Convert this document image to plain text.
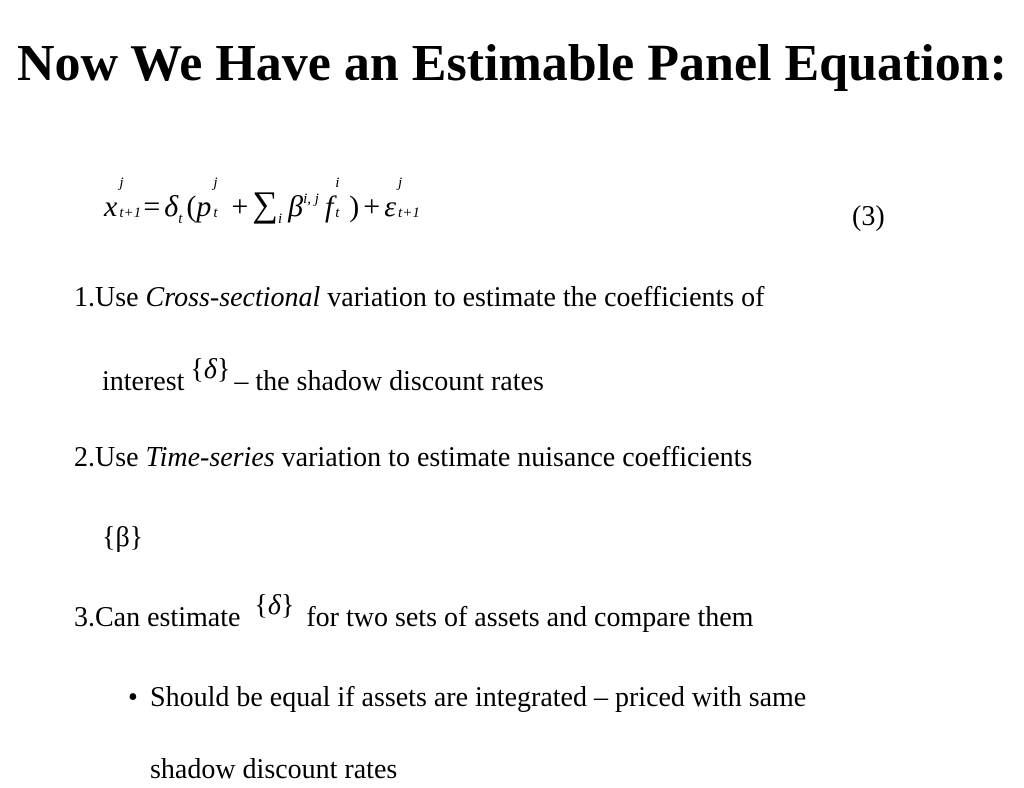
Now We Have an Estimable Panel Equation:
x
j
$t+1 = \delta_t$ (p
j
$t + \sum_i$ $\beta^{i, j}$ f
i
t ) + ε
j
t+1	(3)
1.Use Cross-sectional variation to estimate the coefficients of
interest {δ} – the shadow discount rates
2.Use Time-series variation to estimate nuisance coefficients
{β}
3.Can estimate {δ} for two sets of assets and compare them
• Should be equal if assets are integrated – priced with same
shadow discount rates
